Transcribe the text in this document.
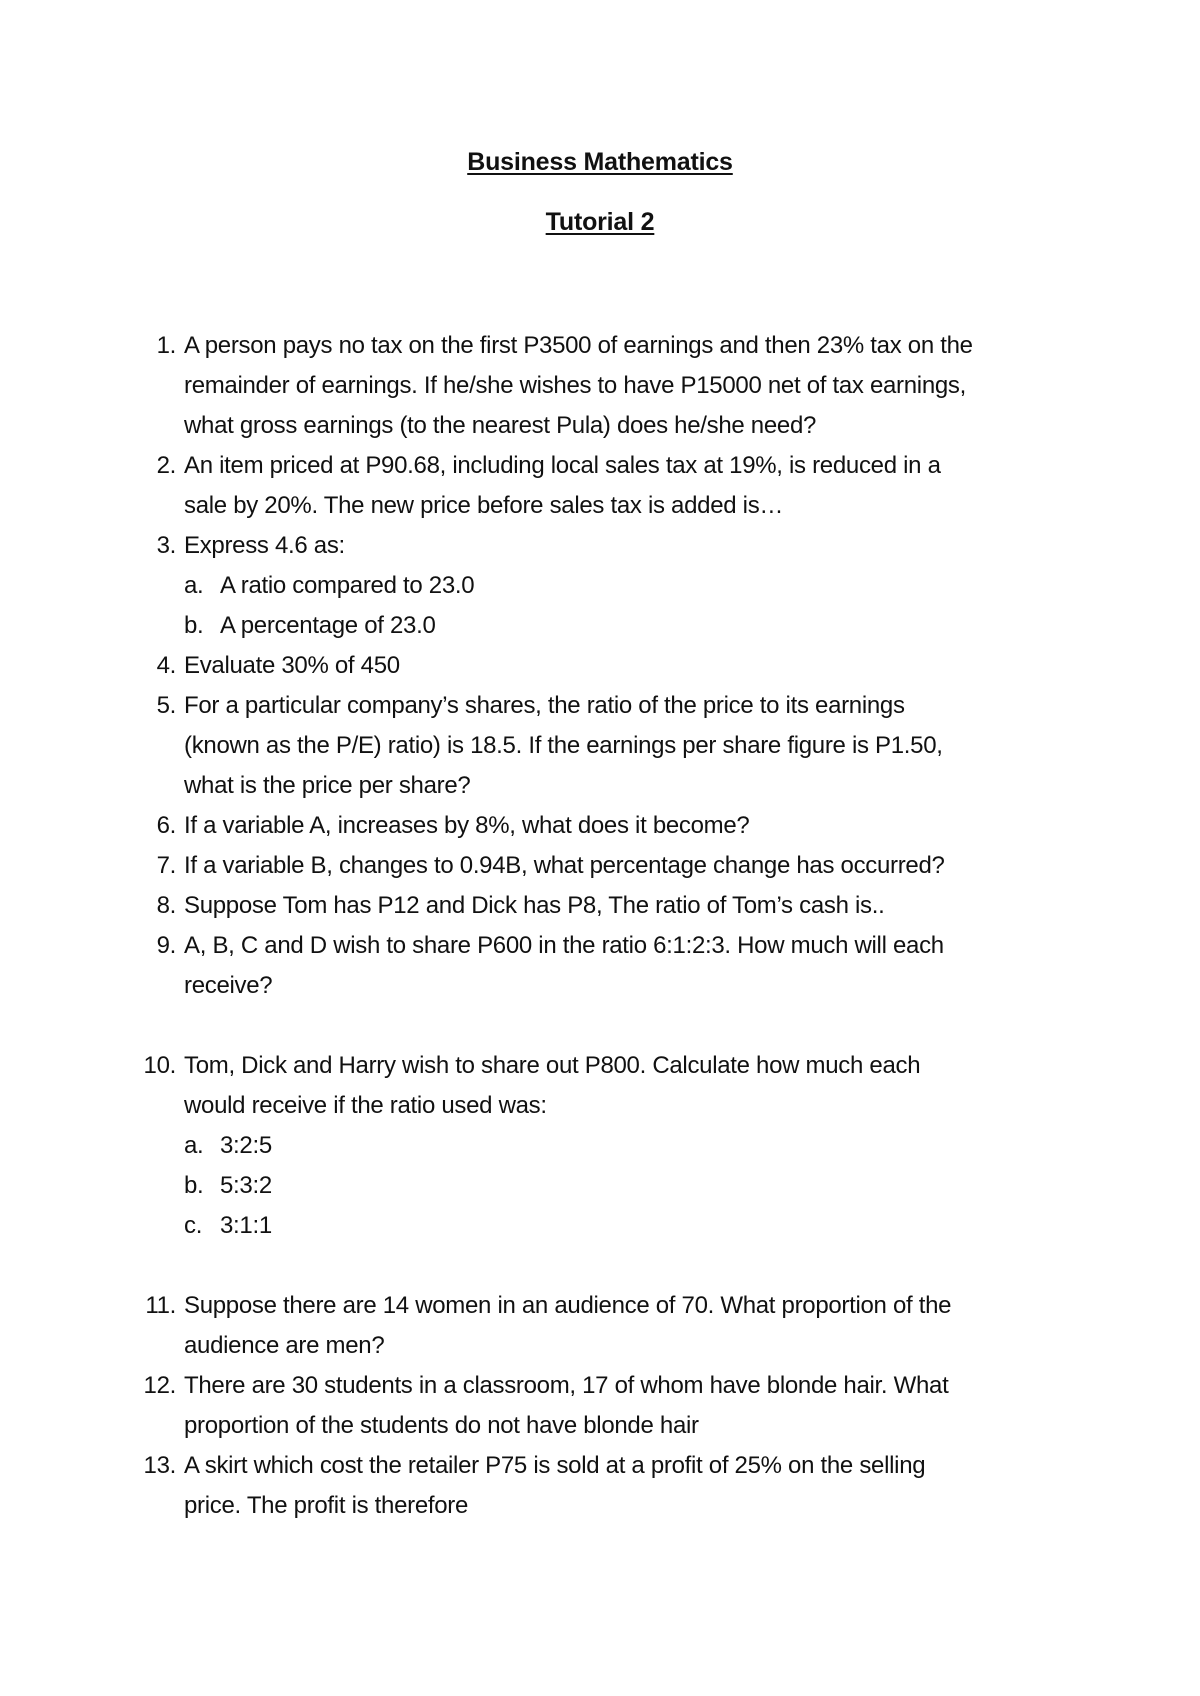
Business Mathematics
Tutorial 2
1. A person pays no tax on the first P3500 of earnings and then 23% tax on the
remainder of earnings. If he/she wishes to have P15000 net of tax earnings,
what gross earnings (to the nearest Pula) does he/she need?
2. An item priced at P90.68, including local sales tax at 19%, is reduced in a
sale by 20%. The new price before sales tax is added is…
3. Express 4.6 as:
a. A ratio compared to 23.0
b. A percentage of 23.0
4. Evaluate 30% of 450
5. For a particular company’s shares, the ratio of the price to its earnings
(known as the P/E) ratio) is 18.5. If the earnings per share figure is P1.50,
what is the price per share?
6. If a variable A, increases by 8%, what does it become?
7. If a variable B, changes to 0.94B, what percentage change has occurred?
8. Suppose Tom has P12 and Dick has P8, The ratio of Tom’s cash is..
9. A, B, C and D wish to share P600 in the ratio 6:1:2:3. How much will each
receive?
10. Tom, Dick and Harry wish to share out P800. Calculate how much each
would receive if the ratio used was:
a. 3:2:5
b. 5:3:2
c. 3:1:1
11. Suppose there are 14 women in an audience of 70. What proportion of the
audience are men?
12. There are 30 students in a classroom, 17 of whom have blonde hair. What
proportion of the students do not have blonde hair
13. A skirt which cost the retailer P75 is sold at a profit of 25% on the selling
price. The profit is therefore
